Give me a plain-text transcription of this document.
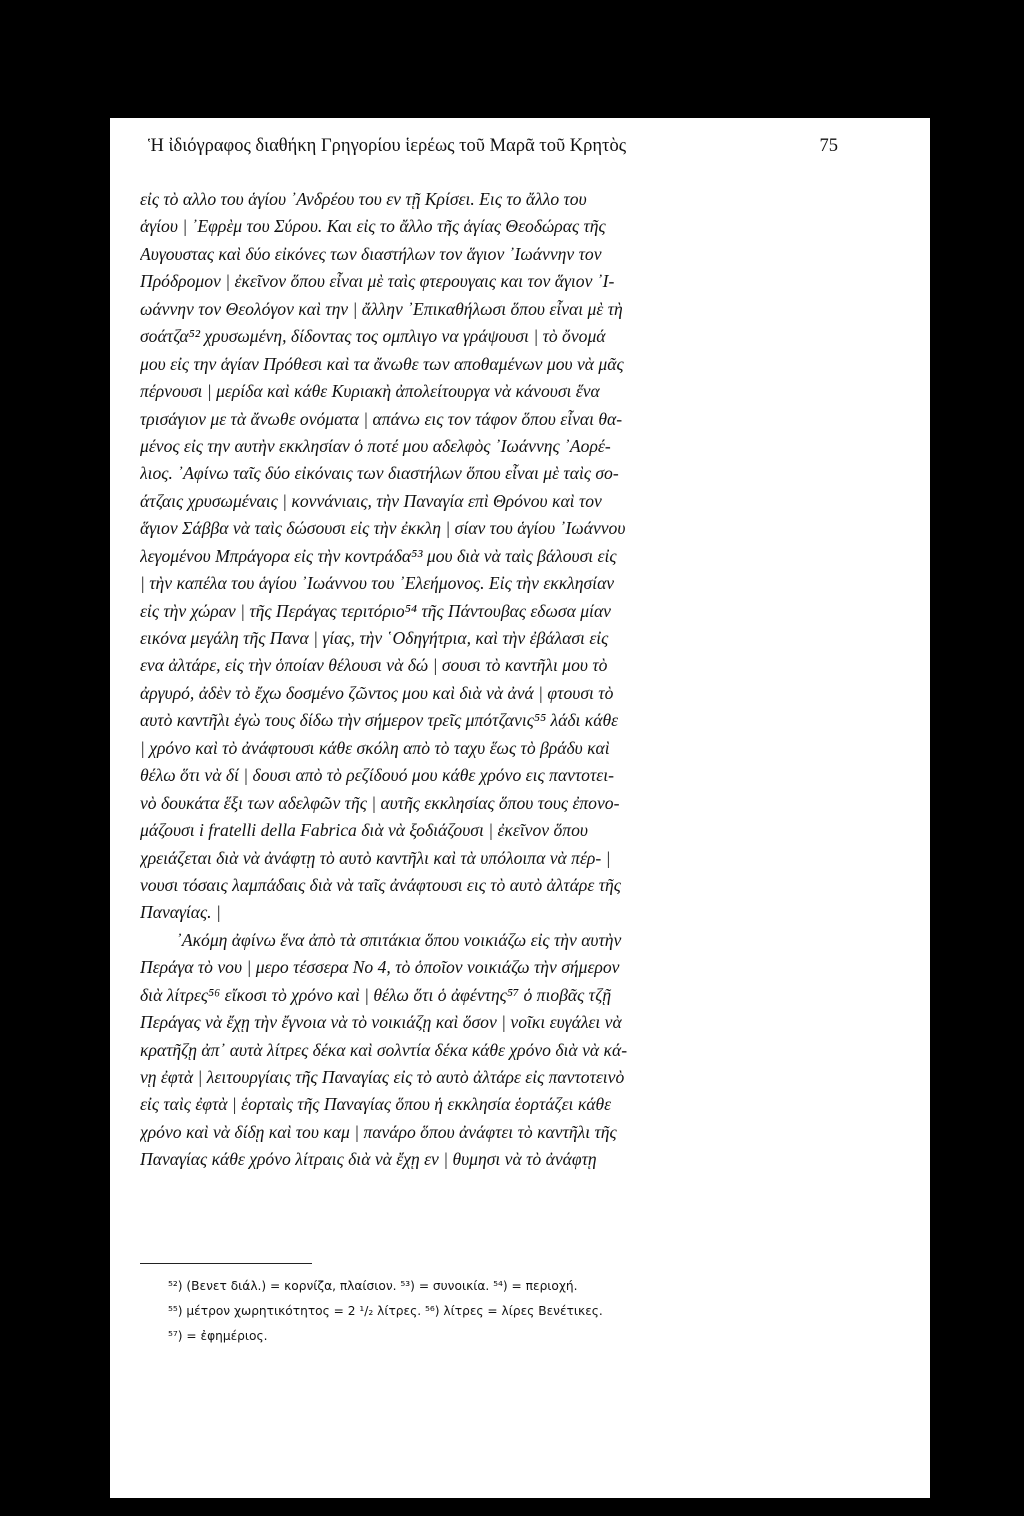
Ἡ ἰδιόγραφος διαθήκη Γρηγορίου ἱερέως τοῦ Μαρᾶ τοῦ Κρητὸς	75
εἰς τὸ αλλο του ἁγίου ᾿Ανδρέου του εν τῇ Κρίσει. Εις το ἄλλο του
ἁγίου | ᾿Εφρὲμ του Σύρου. Και εἰς το ἄλλο τῆς ἁγίας Θεοδώρας τῆς
Αυγουστας καὶ δύο εἰκόνες των διαστήλων τον ἅγιον ᾿Ιωάννην τον
Πρόδρομον | ἐκεῖνον ὅπου εἶναι μὲ ταὶς φτερουγαις και τον ἅγιον ᾿Ι-
ωάννην τον Θεολόγον καὶ την | ἄλλην ᾿Επικαθήλωσι ὅπου εἶναι μὲ τὴ
σοάτζα⁵² χρυσωμένη, δίδοντας τος ομπλιγο να γράψουσι | τὸ ὄνομά
μου εἰς την ἁγίαν Πρόθεσι καὶ τα ἄνωθε των αποθαμένων μου νὰ μᾶς
πέρνουσι | μερίδα καὶ κάθε Κυριακὴ ἀπολείτουργα νὰ κάνουσι ἕνα
τρισάγιον με τὰ ἄνωθε ονόματα | απάνω εις τον τάφον ὅπου εἶναι θα-
μένος εἰς την αυτὴν εκκλησίαν ὁ ποτέ μου αδελφὸς ᾿Ιωάννης ᾿Αορέ-
λιος. ᾿Αφίνω ταῖς δύο εἰκόναις των διαστήλων ὅπου εἶναι μὲ ταὶς σο-
άτζαις χρυσωμέναις | κοννάνιαις, τὴν Παναγία επὶ Θρόνου καὶ τον
ἅγιον Σάββα νὰ ταὶς δώσουσι εἰς τὴν ἐκκλη | σίαν του ἁγίου ᾿Ιωάννου
λεγομένου Μπράγορα εἰς τὴν κοντράδα⁵³ μου διὰ νὰ ταὶς βάλουσι εἰς
| τὴν καπέλα του ἁγίου ᾿Ιωάννου του ᾿Ελεήμονος. Εἰς τὴν εκκλησίαν
εἰς τὴν χώραν | τῆς Περάγας τεριτόριο⁵⁴ τῆς Πάντουβας εδωσα μίαν
εικόνα μεγάλη τῆς Πανα | γίας, τὴν ῾Οδηγήτρια, καὶ τὴν ἐβάλασι εἰς
ενα ἀλτάρε, εἰς τὴν ὁποίαν θέλουσι νὰ δώ | σουσι τὸ καντῆλι μου τὸ
ἀργυρό, ἀδὲν τὸ ἔχω δοσμένο ζῶντος μου καὶ διὰ νὰ ἀνά | φτουσι τὸ
αυτὸ καντῆλι ἐγὼ τους δίδω τὴν σήμερον τρεῖς μπότζανις⁵⁵ λάδι κάθε
| χρόνο καὶ τὸ ἀνάφτουσι κάθε σκόλη απὸ τὸ ταχυ ἕως τὸ βράδυ καὶ
θέλω ὅτι νὰ δί | δουσι απὸ τὸ ρεζίδουό μου κάθε χρόνο εις παντοτει-
νὸ δουκάτα ἕξι των αδελφῶν τῆς | αυτῆς εκκλησίας ὅπου τους ἐπονο-
μάζουσι i fratelli della Fabrica διὰ νὰ ξοδιάζουσι | ἐκεῖνον ὅπου
χρειάζεται διὰ νὰ ἀνάφτῃ τὸ αυτὸ καντῆλι καὶ τὰ υπόλοιπα νὰ πέρ- |
νουσι τόσαις λαμπάδαις διὰ νὰ ταῖς ἀνάφτουσι εις τὸ αυτὸ ἀλτάρε τῆς
Παναγίας. |
᾿Ακόμη ἀφίνω ἕνα ἀπὸ τὰ σπιτάκια ὅπου νοικιάζω εἰς τὴν αυτὴν
Περάγα τὸ νου | μερο τέσσερα Νο 4, τὸ ὁποῖον νοικιάζω τὴν σήμερον
διὰ λίτρες⁵⁶ εἴκοσι τὸ χρόνο καὶ | θέλω ὅτι ὁ ἀφέντης⁵⁷ ὁ πιοβᾶς τζῇ
Περάγας νὰ ἔχῃ τὴν ἔγνοια νὰ τὸ νοικιάζῃ καὶ ὅσον | νοῖκι ευγάλει νὰ
κρατῆζῃ ἀπ᾿ αυτὰ λίτρες δέκα καὶ σολντία δέκα κάθε χρόνο διὰ νὰ κά-
νῃ ἐφτὰ | λειτουργίαις τῆς Παναγίας εἰς τὸ αυτὸ ἀλτάρε εἰς παντοτεινὸ
εἰς ταὶς ἐφτὰ | ἑορταὶς τῆς Παναγίας ὅπου ἡ εκκλησία ἑορτάζει κάθε
χρόνο καὶ νὰ δίδῃ καὶ του καμ | πανάρο ὅπου ἀνάφτει τὸ καντῆλι τῆς
Παναγίας κάθε χρόνο λίτραις διὰ νὰ ἔχῃ εν | θυμησι νὰ τὸ ἀνάφτῃ
⁵²) (Βενετ διάλ.) = κορνίζα, πλαίσιον. ⁵³) = συνοικία. ⁵⁴) = περιοχή.
⁵⁵) μέτρον χωρητικότητος = 2 ¹/₂ λίτρες. ⁵⁶) λίτρες = λίρες Βενέτικες.
⁵⁷) = ἐφημέριος.
